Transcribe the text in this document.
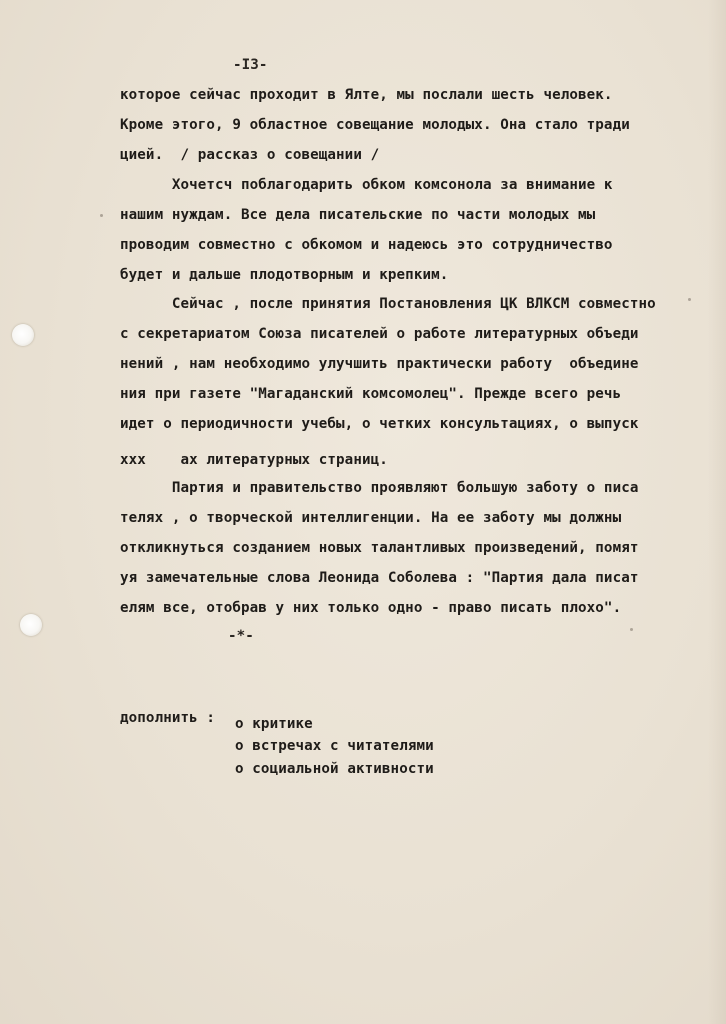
-I3-
которое сейчас проходит в Ялте, мы послали шесть человек.
Кроме этого, 9 областное совещание молодых. Она стало тради
цией.  / рассказ о совещании /
Хочетсч поблагодарить обком комсонола за внимание к
нашим нуждам. Все дела писательские по части молодых мы
проводим совместно с обкомом и надеюсь это сотрудничество
будет и дальше плодотворным и крепким.
Сейчас , после принятия Постановления ЦК ВЛКСМ совместно
с секретариатом Союза писателей о работе литературных объеди
нений , нам необходимо улучшить практически работу  объедине
ния при газете "Магаданский комсомолец". Прежде всего речь
идет о периодичности учебы, о четких консультациях, о выпуск
ххх    ах литературных страниц.
Партия и правительство проявляют большую заботу о писа
телях , о творческой интеллигенции. На ее заботу мы должны
откликнуться созданием новых талантливых произведений, помят
уя замечательные слова Леонида Соболева : "Партия дала писат
елям все, отобрав у них только одно - право писать плохо".
-*-
дополнить : о критике
о встречах с читателями
о социальной активности
